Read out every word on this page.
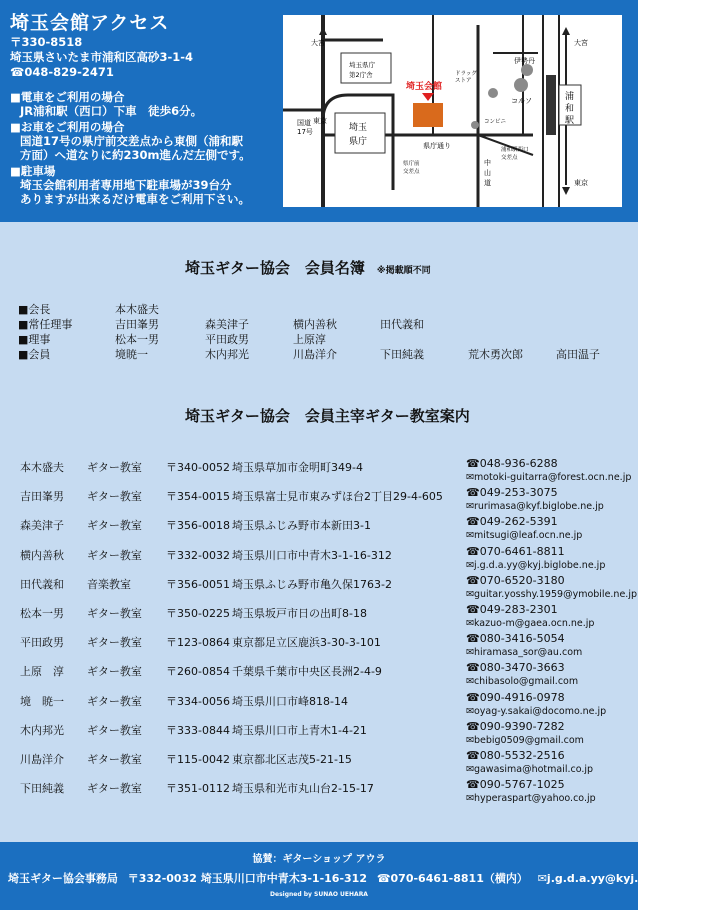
埼玉会館アクセス
〒330-8518
埼玉県さいたま市浦和区高砂3-1-4
☎048-829-2471
■電車をご利用の場合
JR浦和駅（西口）下車　徒歩6分。
■お車をご利用の場合
国道17号の県庁前交差点から東側（浦和駅
方面）へ道なりに約230m進んだ左側です。
■駐車場
埼玉会館利用者専用地下駐車場が39台分
ありますが出来るだけ電車をご利用下さい。
大宮	大宮
東京
東京
国道
17号
埼玉県庁
第2庁舎
埼玉
県庁
埼玉会館
ドラッグ
ストア
伊勢丹
コルソ	浦
和
駅
コンビニ
県庁通り
県庁前
交差点
中
山
道
浦和駅西口
交差点
埼玉ギター協会　会員名簿 ※掲載順不同
■会長	本木盛夫
■常任理事	吉田峯男	森美津子	横内善秋	田代義和
■理事	松本一男	平田政男	上原淳
■会員	境暁一	木内邦光	川島洋介	下田純義	荒木勇次郎	高田温子
埼玉ギター協会　会員主宰ギター教室案内
本木盛夫 ギター教室 〒340-0052 埼玉県草加市金明町349-4	☎048-936-6288
✉motoki-guitarra@forest.ocn.ne.jp
吉田峯男 ギター教室 〒354-0015 埼玉県富士見市東みずほ台2丁目29-4-605 ☎049-253-3075
✉rurimasa@kyf.biglobe.ne.jp
森美津子 ギター教室 〒356-0018 埼玉県ふじみ野市本新田3-1	☎049-262-5391
✉mitsugi@leaf.ocn.ne.jp
横内善秋 ギター教室 〒332-0032 埼玉県川口市中青木3-1-16-312	☎070-6461-8811
✉j.g.d.a.yy@kyj.biglobe.ne.jp
田代義和 音楽教室	〒356-0051 埼玉県ふじみ野市亀久保1763-2	☎070-6520-3180
✉guitar.yosshy.1959@ymobile.ne.jp
松本一男 ギター教室 〒350-0225 埼玉県坂戸市日の出町8-18	☎049-283-2301
✉kazuo-m@gaea.ocn.ne.jp
平田政男 ギター教室 〒123-0864 東京都足立区鹿浜3-30-3-101	☎080-3416-5054
✉hiramasa_sor@au.com
上原　淳 ギター教室 〒260-0854 千葉県千葉市中央区長洲2-4-9	☎080-3470-3663
✉chibasolo@gmail.com
境　暁一 ギター教室 〒334-0056 埼玉県川口市峰818-14	☎090-4916-0978
✉oyag-y.sakai@docomo.ne.jp
木内邦光 ギター教室 〒333-0844 埼玉県川口市上青木1-4-21	☎090-9390-7282
✉bebig0509@gmail.com
川島洋介 ギター教室 〒115-0042 東京都北区志茂5-21-15	☎080-5532-2516
✉gawasima@hotmail.co.jp
下田純義 ギター教室 〒351-0112 埼玉県和光市丸山台2-15-17	☎090-5767-1025
✉hyperaspart@yahoo.co.jp
協賛：ギターショップ アウラ
埼玉ギター協会事務局 〒332-0032 埼玉県川口市中青木3-1-16-312 ☎070-6461-8811（横内） ✉j.g.d.a.yy@kyj.biglobe.ne.jp
Designed by SUNAO UEHARA
